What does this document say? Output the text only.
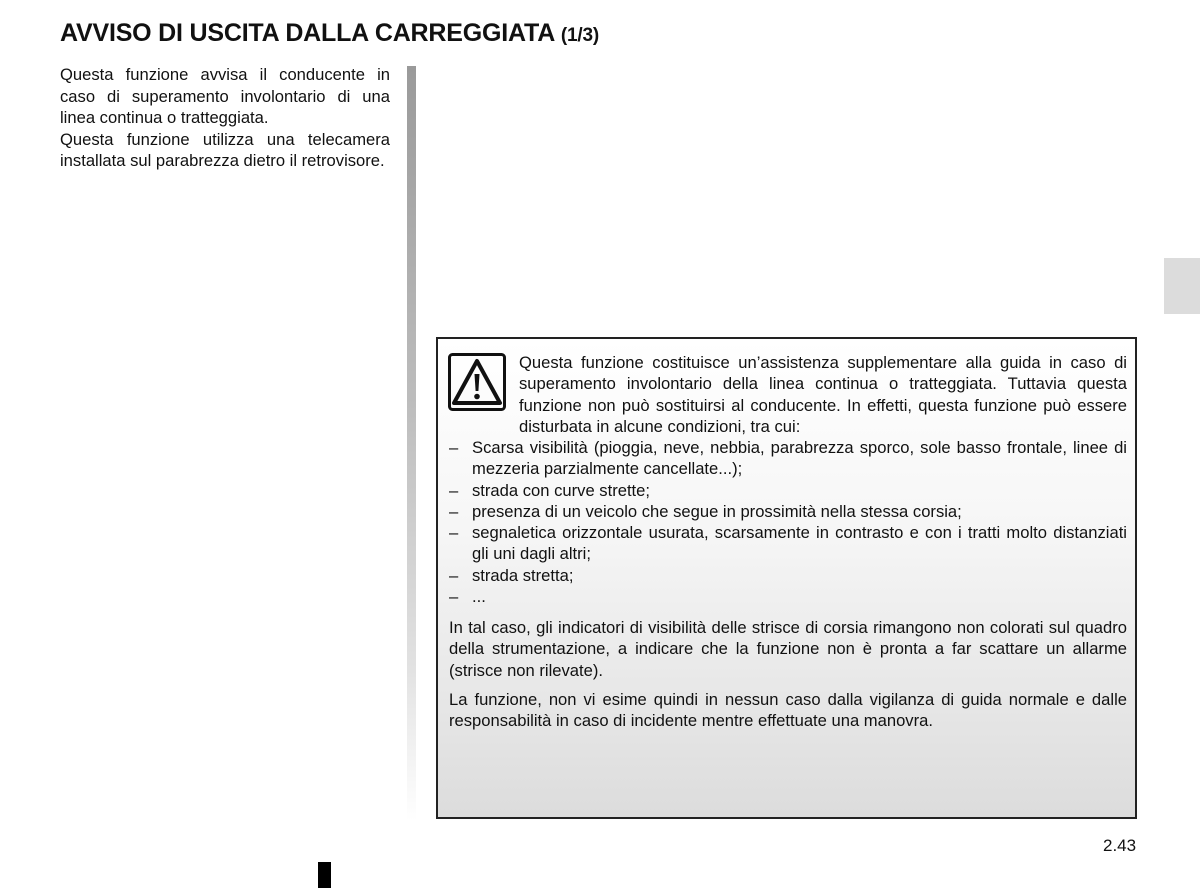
AVVISO DI USCITA DALLA CARREGGIATA (1/3)

Questa funzione avvisa il conducente in caso di superamento involontario di una linea continua o tratteggiata.

Questa funzione utilizza una telecamera installata sul parabrezza dietro il retrovisore.

Questa funzione costituisce un’assistenza supplementare alla guida in caso di superamento involontario della linea continua o tratteggiata. Tuttavia questa funzione non può sostituirsi al conducente. In effetti, questa funzione può essere disturbata in alcune condizioni, tra cui:

– Scarsa visibilità (pioggia, neve, nebbia, parabrezza sporco, sole basso frontale, linee di mezzeria parzialmente cancellate...);
– strada con curve strette;
– presenza di un veicolo che segue in prossimità nella stessa corsia;
– segnaletica orizzontale usurata, scarsamente in contrasto e con i tratti molto distanziati gli uni dagli altri;
– strada stretta;
– ...

In tal caso, gli indicatori di visibilità delle strisce di corsia rimangono non colorati sul quadro della strumentazione, a indicare che la funzione non è pronta a far scattare un allarme (strisce non rilevate).

La funzione, non vi esime quindi in nessun caso dalla vigilanza di guida normale e dalle responsabilità in caso di incidente mentre effettuate una manovra.

2.43
